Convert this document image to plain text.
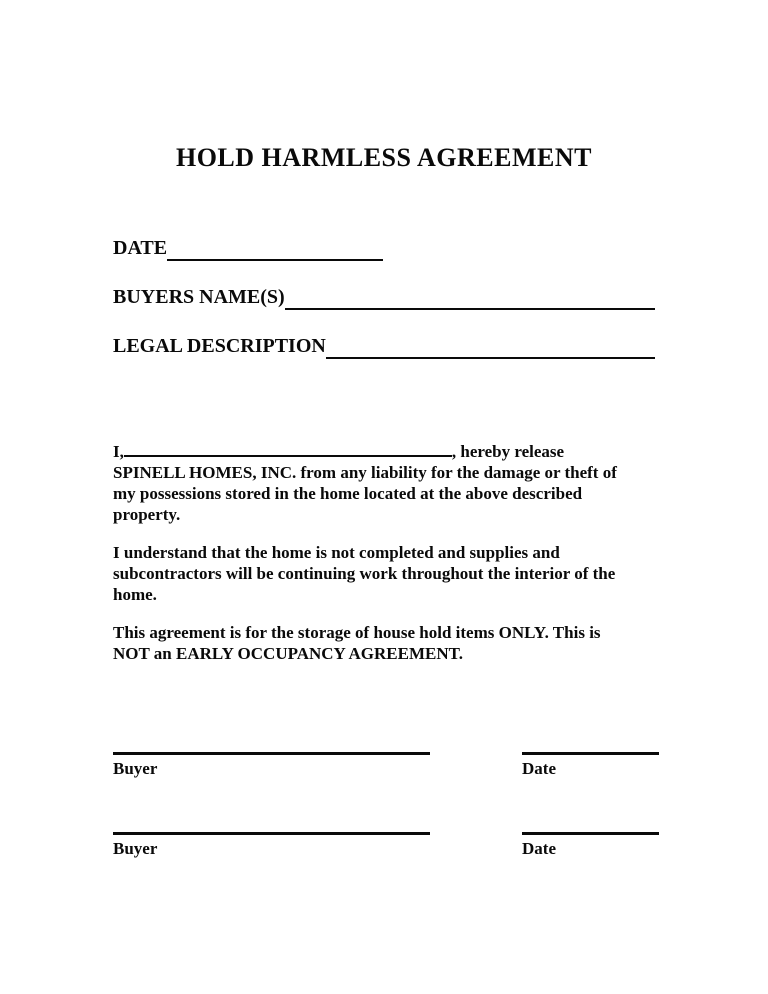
HOLD HARMLESS AGREEMENT
DATE
BUYERS NAME(S)
LEGAL DESCRIPTION

I,	, hereby release
SPINELL HOMES, INC. from any liability for the damage or theft of
my possessions stored in the home located at the above described
property.

I understand that the home is not completed and supplies and
subcontractors will be continuing work throughout the interior of the
home.

This agreement is for the storage of house hold items ONLY. This is
NOT an EARLY OCCUPANCY AGREEMENT.

Buyer	Date
Buyer	Date
